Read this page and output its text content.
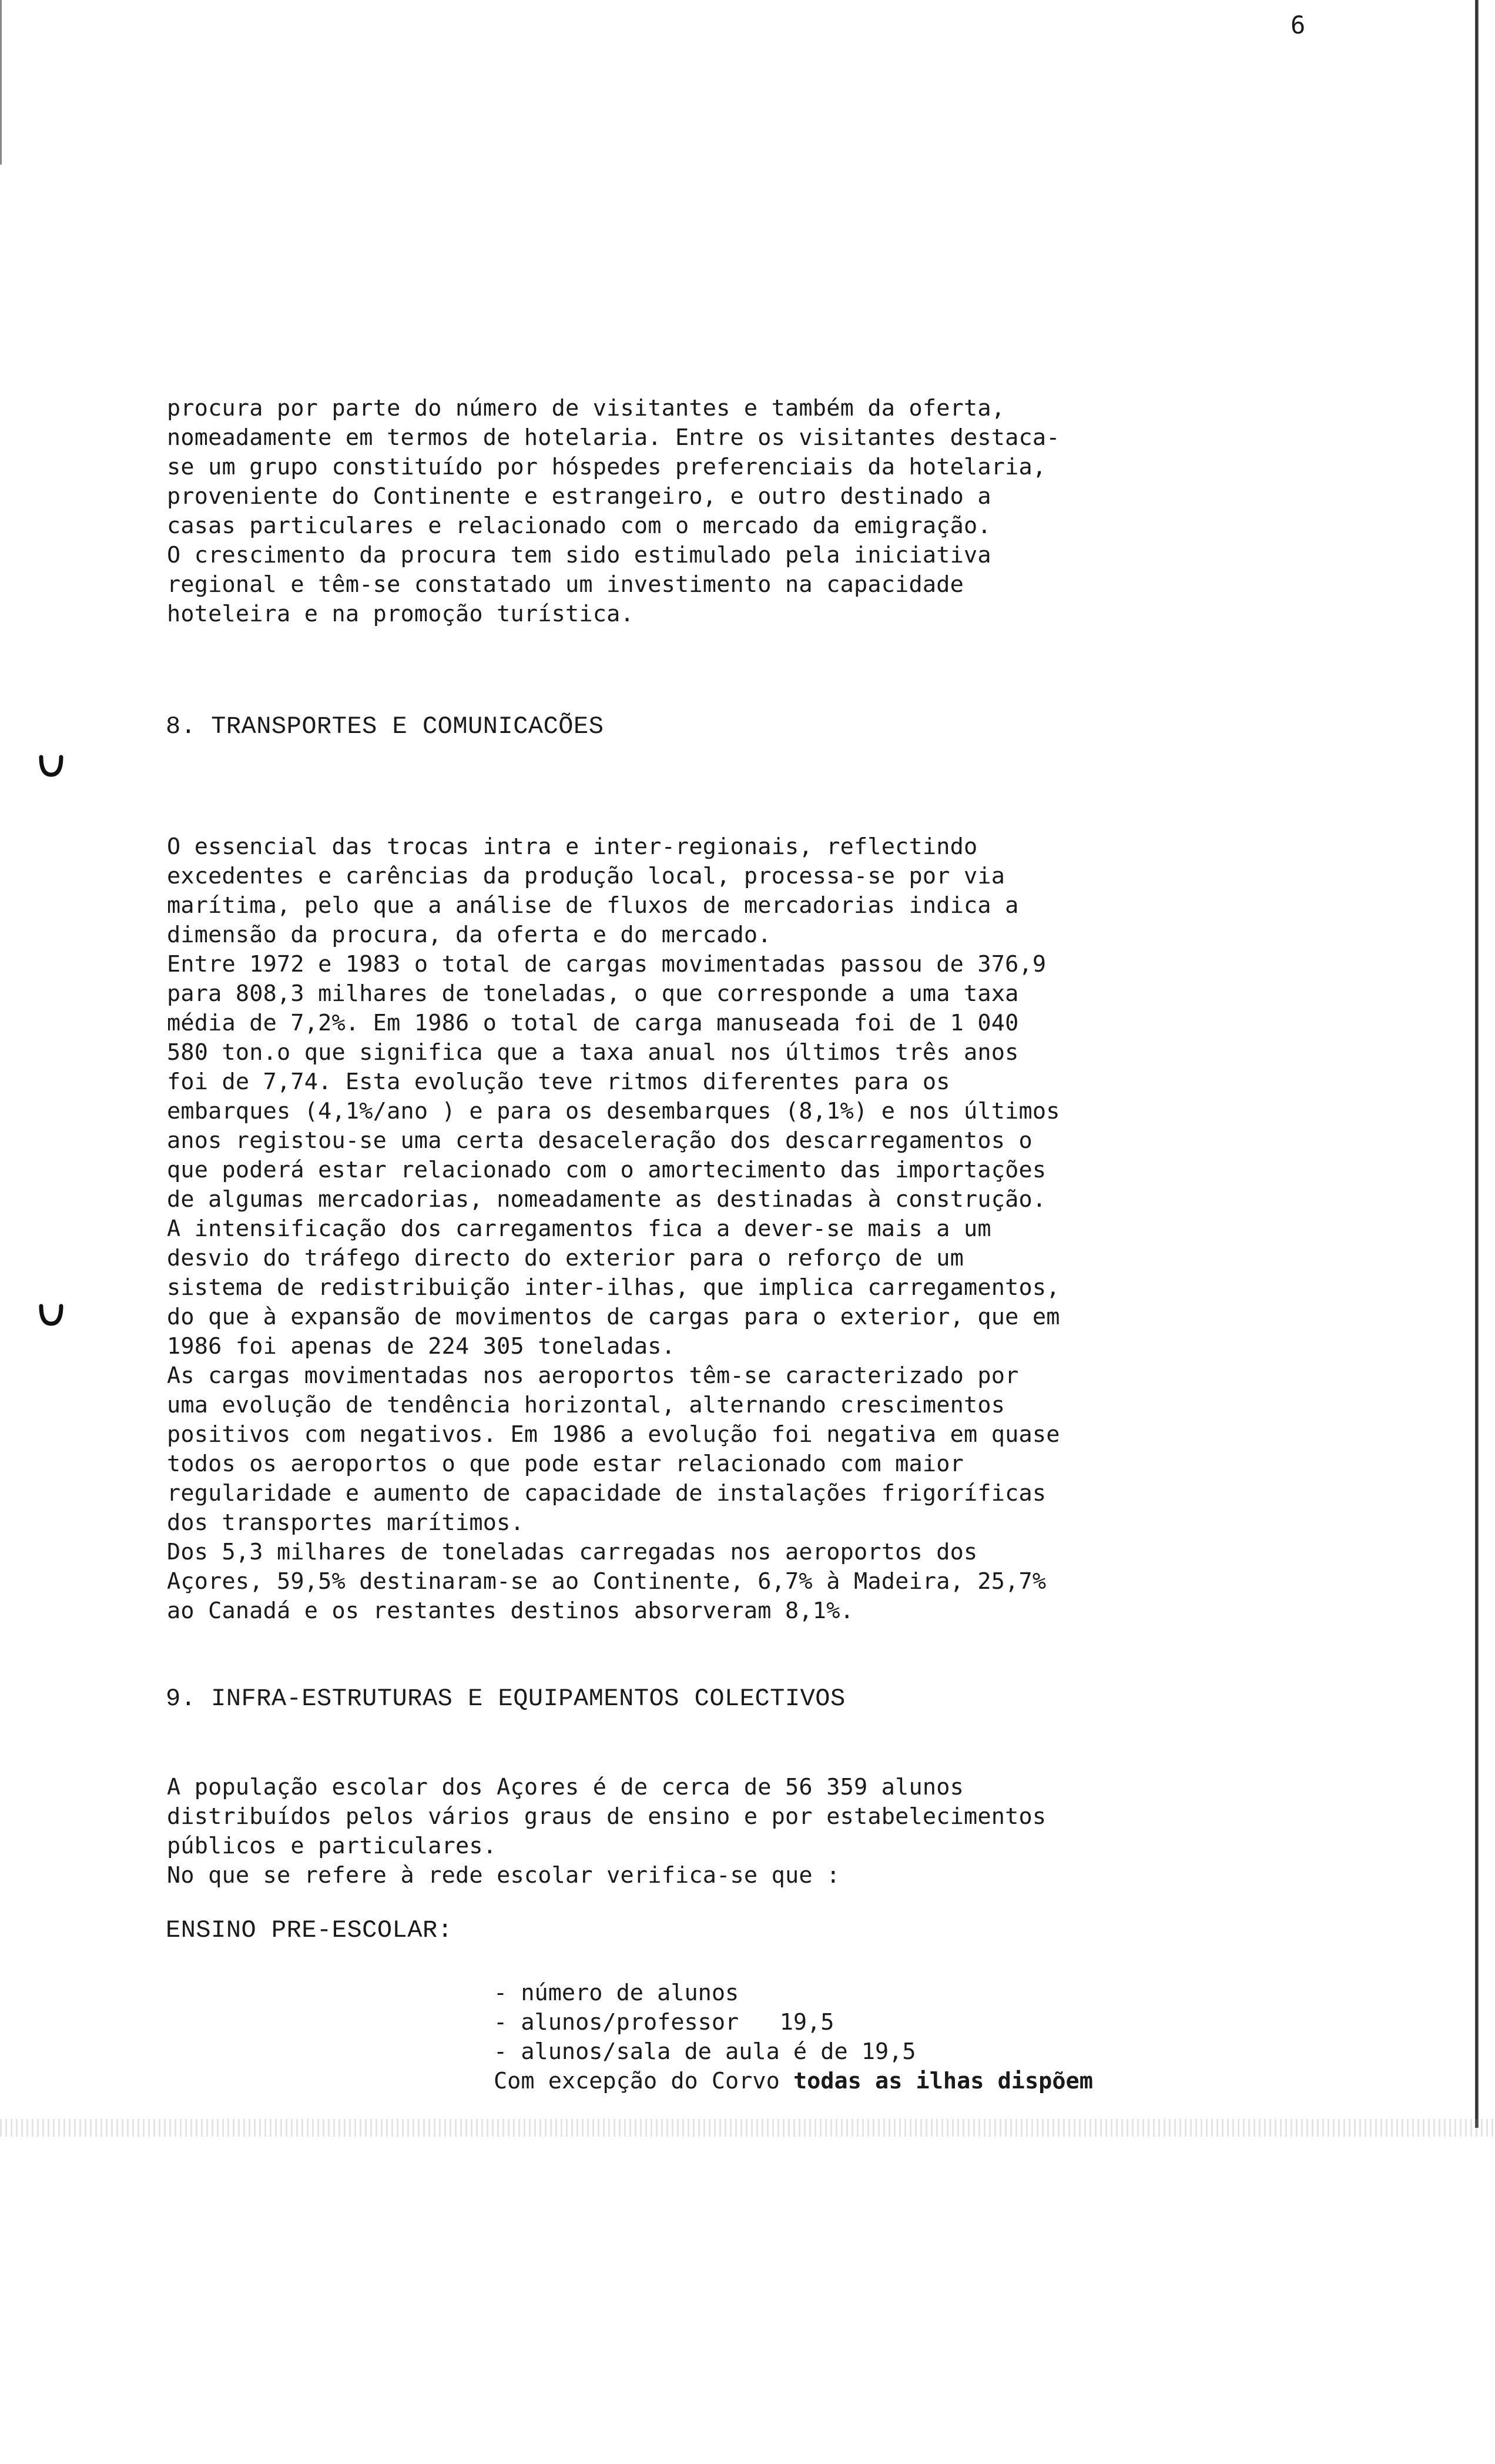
6
procura por parte do número de visitantes e também da oferta,
nomeadamente em termos de hotelaria. Entre os visitantes destaca-
se um grupo constituído por hóspedes preferenciais da hotelaria,
proveniente do Continente e estrangeiro, e outro destinado a
casas particulares e relacionado com o mercado da emigração.
O crescimento da procura tem sido estimulado pela iniciativa
regional e têm-se constatado um investimento na capacidade
hoteleira e na promoção turística.
8. TRANSPORTES E COMUNICACÕES
O essencial das trocas intra e inter-regionais, reflectindo
excedentes e carências da produção local, processa-se por via
marítima, pelo que a análise de fluxos de mercadorias indica a
dimensão da procura, da oferta e do mercado.
Entre 1972 e 1983 o total de cargas movimentadas passou de 376,9
para 808,3 milhares de toneladas, o que corresponde a uma taxa
média de 7,2%. Em 1986 o total de carga manuseada foi de 1 040
580 ton.o que significa que a taxa anual nos últimos três anos
foi de 7,74. Esta evolução teve ritmos diferentes para os
embarques (4,1%/ano ) e para os desembarques (8,1%) e nos últimos
anos registou-se uma certa desaceleração dos descarregamentos o
que poderá estar relacionado com o amortecimento das importações
de algumas mercadorias, nomeadamente as destinadas à construção.
A intensificação dos carregamentos fica a dever-se mais a um
desvio do tráfego directo do exterior para o reforço de um
sistema de redistribuição inter-ilhas, que implica carregamentos,
do que à expansão de movimentos de cargas para o exterior, que em
1986 foi apenas de 224 305 toneladas.
As cargas movimentadas nos aeroportos têm-se caracterizado por
uma evolução de tendência horizontal, alternando crescimentos
positivos com negativos. Em 1986 a evolução foi negativa em quase
todos os aeroportos o que pode estar relacionado com maior
regularidade e aumento de capacidade de instalações frigoríficas
dos transportes marítimos.
Dos 5,3 milhares de toneladas carregadas nos aeroportos dos
Açores, 59,5% destinaram-se ao Continente, 6,7% à Madeira, 25,7%
ao Canadá e os restantes destinos absorveram 8,1%.
9. INFRA-ESTRUTURAS E EQUIPAMENTOS COLECTIVOS
A população escolar dos Açores é de cerca de 56 359 alunos
distribuídos pelos vários graus de ensino e por estabelecimentos
públicos e particulares.
No que se refere à rede escolar verifica-se que :
ENSINO PRE-ESCOLAR:
- número de alunos
- alunos/professor   19,5
- alunos/sala de aula é de 19,5
Com excepção do Corvo todas as ilhas dispõem
